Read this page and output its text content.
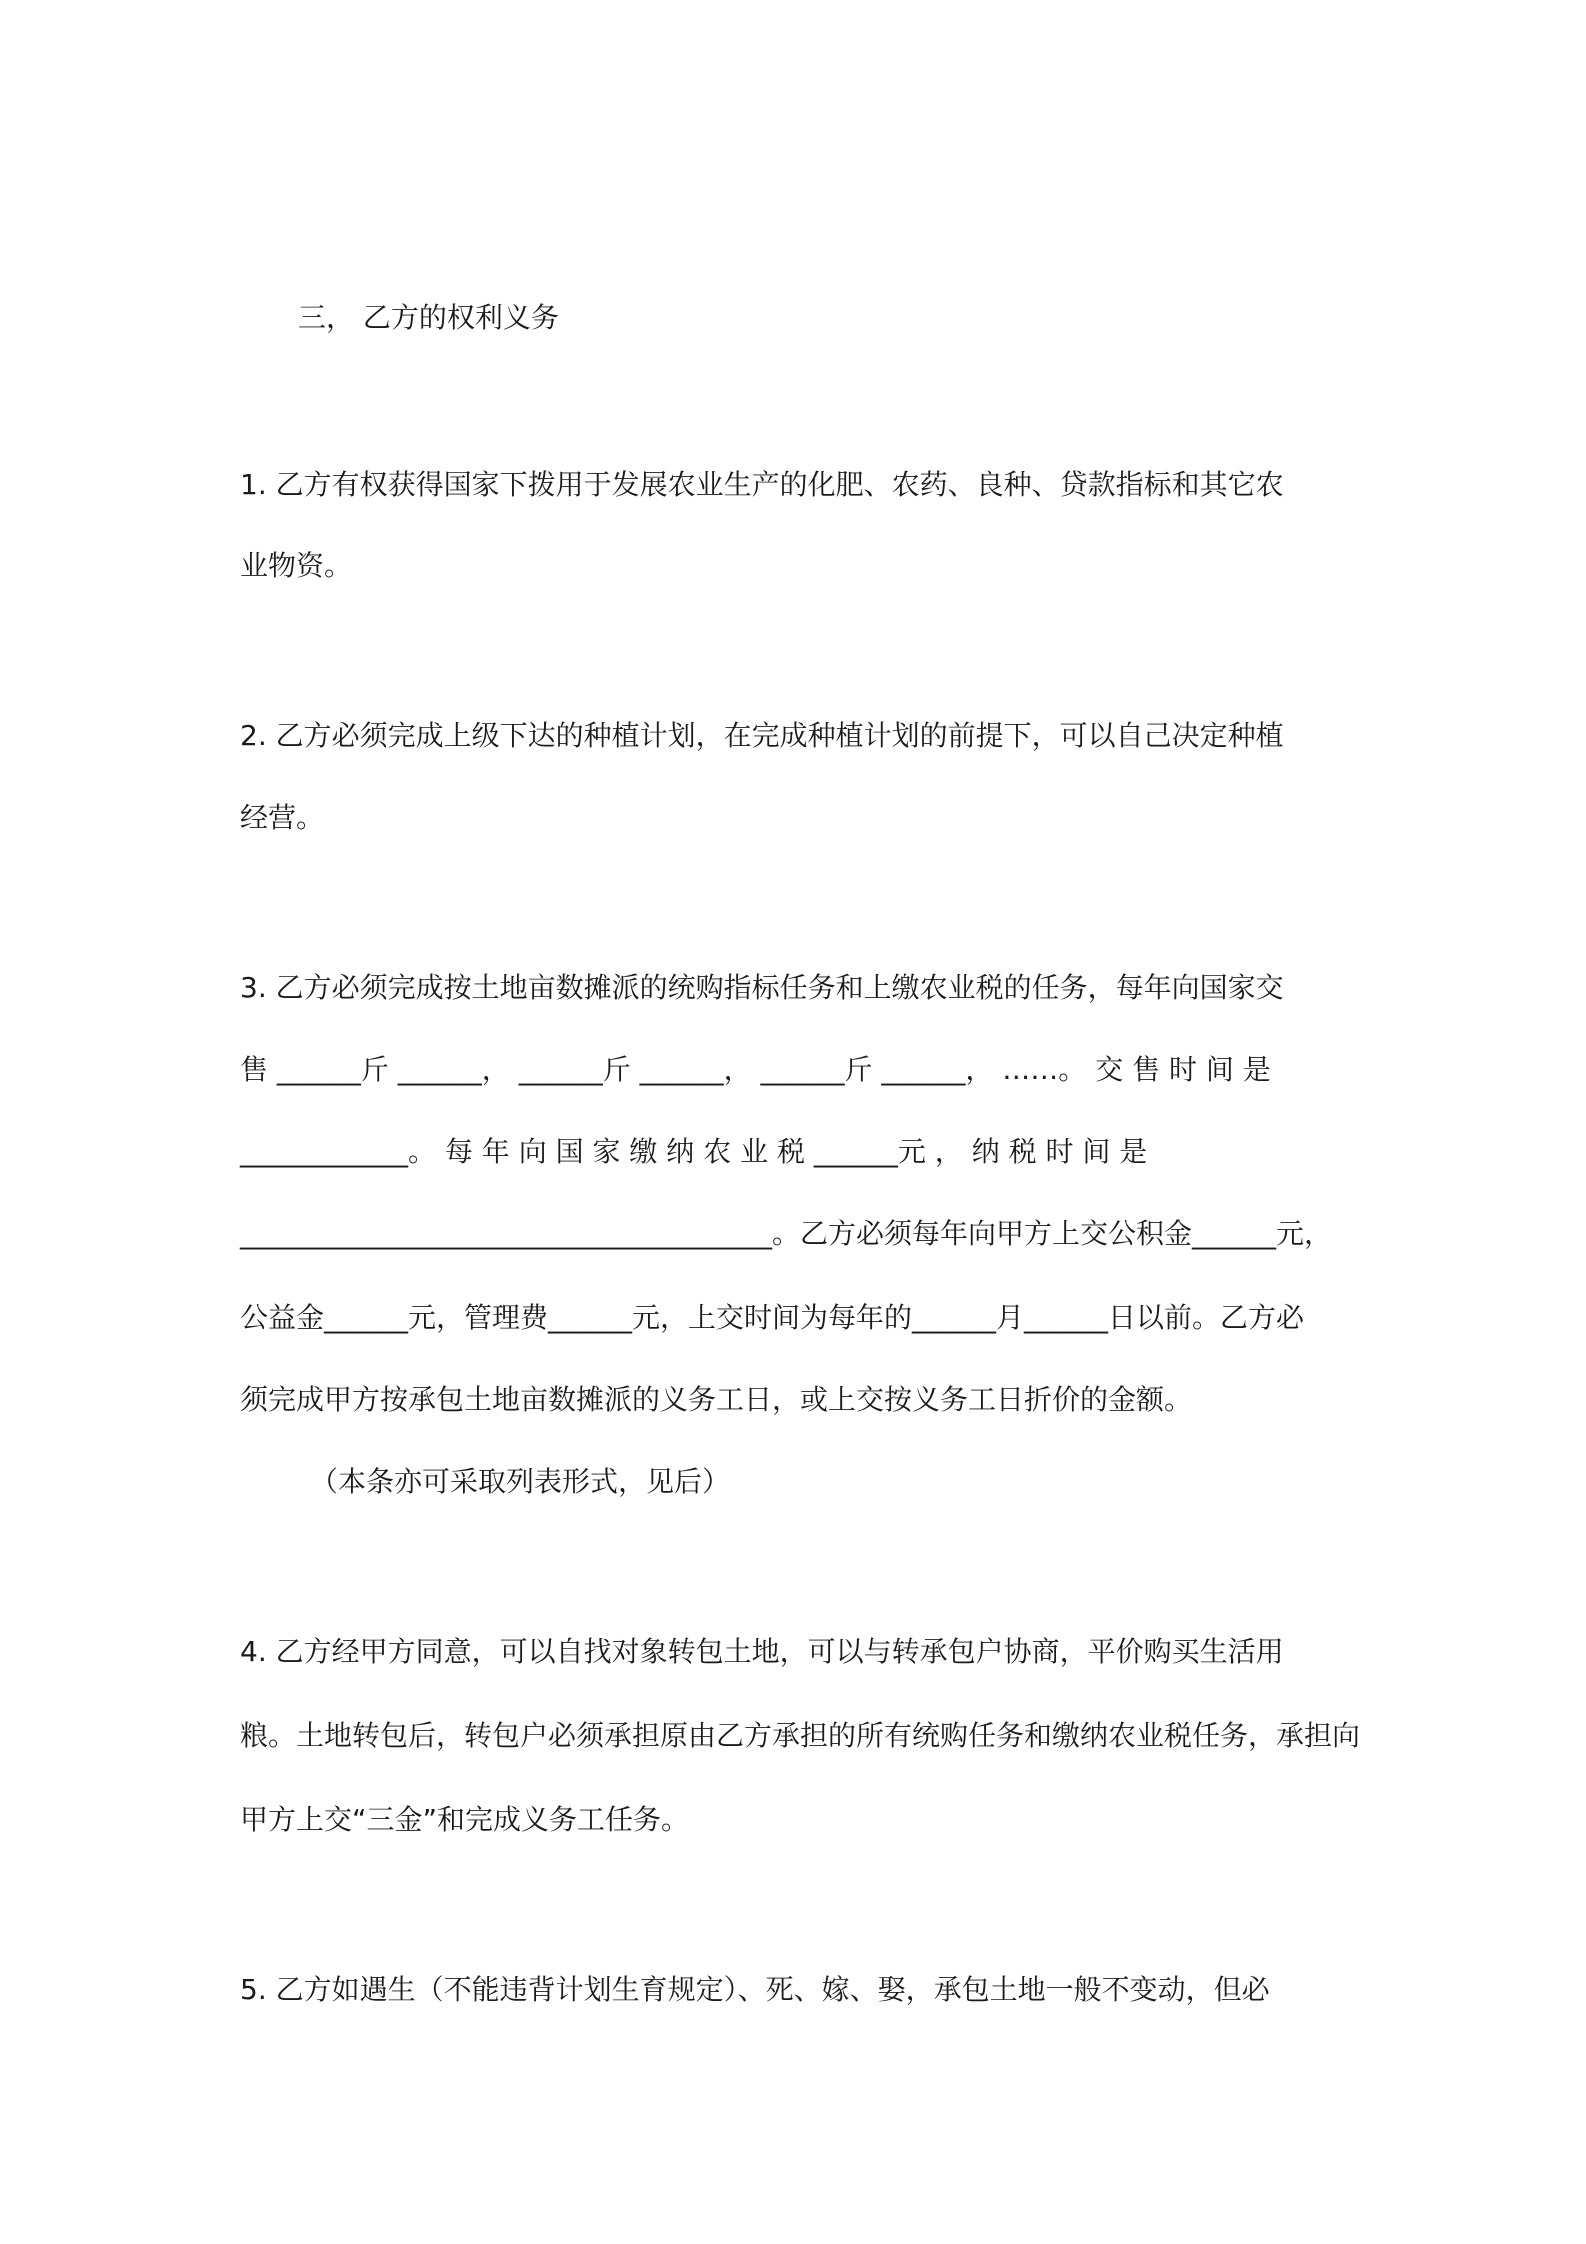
三， 乙方的权利义务
1. 乙方有权获得国家下拨用于发展农业生产的化肥、农药、良种、贷款指标和其它农
业物资。
2. 乙方必须完成上级下达的种植计划，在完成种植计划的前提下，可以自己决定种植
经营。
3. 乙方必须完成按土地亩数摊派的统购指标任务和上缴农业税的任务，每年向国家交
售 ______斤 ______， ______斤 ______， ______斤 ______， ……。 交 售 时 间 是
____________。 每 年 向 国 家 缴 纳 农 业 税 ______元 ， 纳 税 时 间 是
______________________________________。乙方必须每年向甲方上交公积金______元，
公益金______元，管理费______元，上交时间为每年的______月______日以前。乙方必
须完成甲方按承包土地亩数摊派的义务工日，或上交按义务工日折价的金额。
（本条亦可采取列表形式，见后）
4. 乙方经甲方同意，可以自找对象转包土地，可以与转承包户协商，平价购买生活用
粮。土地转包后，转包户必须承担原由乙方承担的所有统购任务和缴纳农业税任务，承担向
甲方上交“三金”和完成义务工任务。
5. 乙方如遇生（不能违背计划生育规定）、死、嫁、娶，承包土地一般不变动，但必
